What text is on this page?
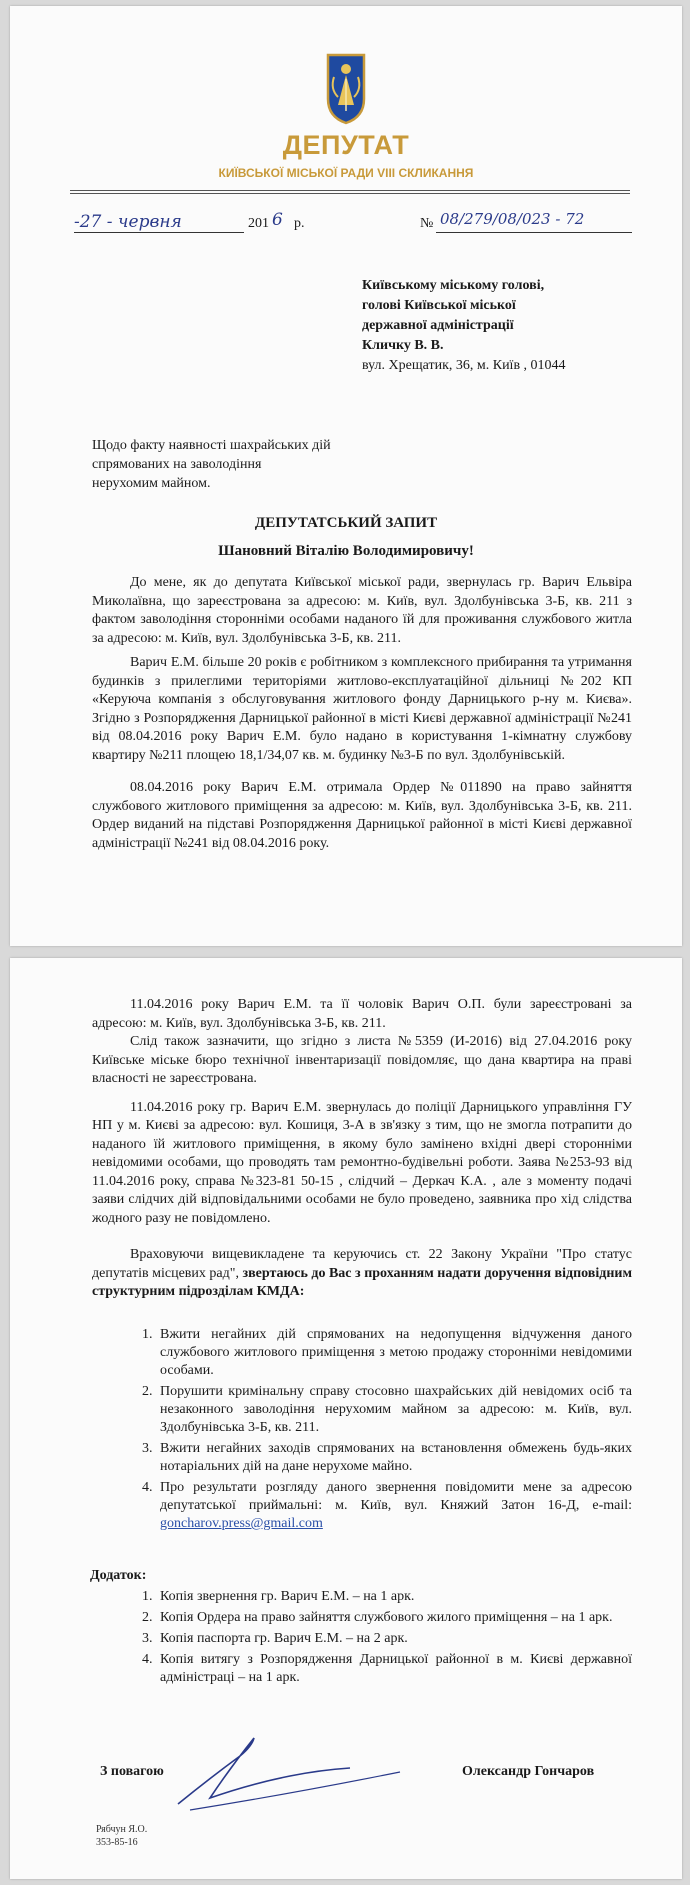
ДЕПУТАТ
КИЇВСЬКОЇ МІСЬКОЇ РАДИ VIII СКЛИКАННЯ
-27 - червня	201 6 р.	№ 08/279/08/023 - 72
Київському міському голові,
голові Київської міської
державної адміністрації
Кличку В. В.
вул. Хрещатик, 36, м. Київ , 01044
Щодо факту наявності шахрайських дій
спрямованих на заволодіння
нерухомим майном.
ДЕПУТАТСЬКИЙ ЗАПИТ
Шановний Віталію Володимировичу!

До мене, як до депутата Київської міської ради, звернулась гр. Варич Ельвіра Миколаївна, що зареєстрована за адресою: м. Київ, вул. Здолбунівська 3-Б, кв. 211 з фактом заволодіння сторонніми особами наданого їй для проживання службового житла за адресою: м. Київ, вул. Здолбунівська 3-Б, кв. 211.

Варич Е.М. більше 20 років є робітником з комплексного прибирання та утримання будинків з прилеглими територіями житлово-експлуатаційної дільниці №202 КП «Керуюча компанія з обслуговування житлового фонду Дарницького р-ну м. Києва». Згідно з Розпорядження Дарницької районної в місті Києві державної адміністрації №241 від 08.04.2016 року Варич Е.М. було надано в користування 1-кімнатну службову квартиру №211 площею 18,1/34,07 кв. м. будинку №3-Б по вул. Здолбунівській.

08.04.2016 року Варич Е.М. отримала Ордер №011890 на право зайняття службового житлового приміщення за адресою: м. Київ, вул. Здолбунівська 3-Б, кв. 211. Ордер виданий на підставі Розпорядження Дарницької районної в місті Києві державної адміністрації №241 від 08.04.2016 року.

11.04.2016 року Варич Е.М. та її чоловік Варич О.П. були зареєстровані за адресою: м. Київ, вул. Здолбунівська 3-Б, кв. 211.

Слід також зазначити, що згідно з листа №5359 (И-2016) від 27.04.2016 року Київське міське бюро технічної інвентаризації повідомляє, що дана квартира на праві власності не зареєстрована.

11.04.2016 року гр. Варич Е.М. звернулась до поліції Дарницького управління ГУ НП у м. Києві за адресою: вул. Кошиця, 3-А в зв'язку з тим, що не змогла потрапити до наданого їй житлового приміщення, в якому було замінено вхідні двері сторонніми невідомими особами, що проводять там ремонтно-будівельні роботи. Заява №253-93 від 11.04.2016 року, справа №323-81 50-15 , слідчий – Деркач К.А. , але з моменту подачі заяви слідчих дій відповідальними особами не було проведено, заявника про хід слідства жодного разу не повідомлено.

Враховуючи вищевикладене та керуючись ст. 22 Закону України "Про статус депутатів місцевих рад", звертаюсь до Вас з проханням надати доручення відповідним структурним підрозділам КМДА:

1. Вжити негайних дій спрямованих на недопущення відчуження даного службового житлового приміщення з метою продажу сторонніми невідомими особами.
2. Порушити кримінальну справу стосовно шахрайських дій невідомих осіб та незаконного заволодіння нерухомим майном за адресою: м. Київ, вул. Здолбунівська 3-Б, кв. 211.
3. Вжити негайних заходів спрямованих на встановлення обмежень будь-яких нотаріальних дій на дане нерухоме майно.
4. Про результати розгляду даного звернення повідомити мене за адресою депутатської приймальні: м. Київ, вул. Княжий Затон 16-Д, e-mail: goncharov.press@gmail.com
Додаток:
1. Копія звернення гр. Варич Е.М. – на 1 арк.
2. Копія Ордера на право зайняття службового жилого приміщення – на 1 арк.
3. Копія паспорта гр. Варич Е.М. – на 2 арк.
4. Копія витягу з Розпорядження Дарницької районної в м. Києві державної адміністраці – на 1 арк.
З повагою	Олександр Гончаров
Рябчун Я.О.
353-85-16
